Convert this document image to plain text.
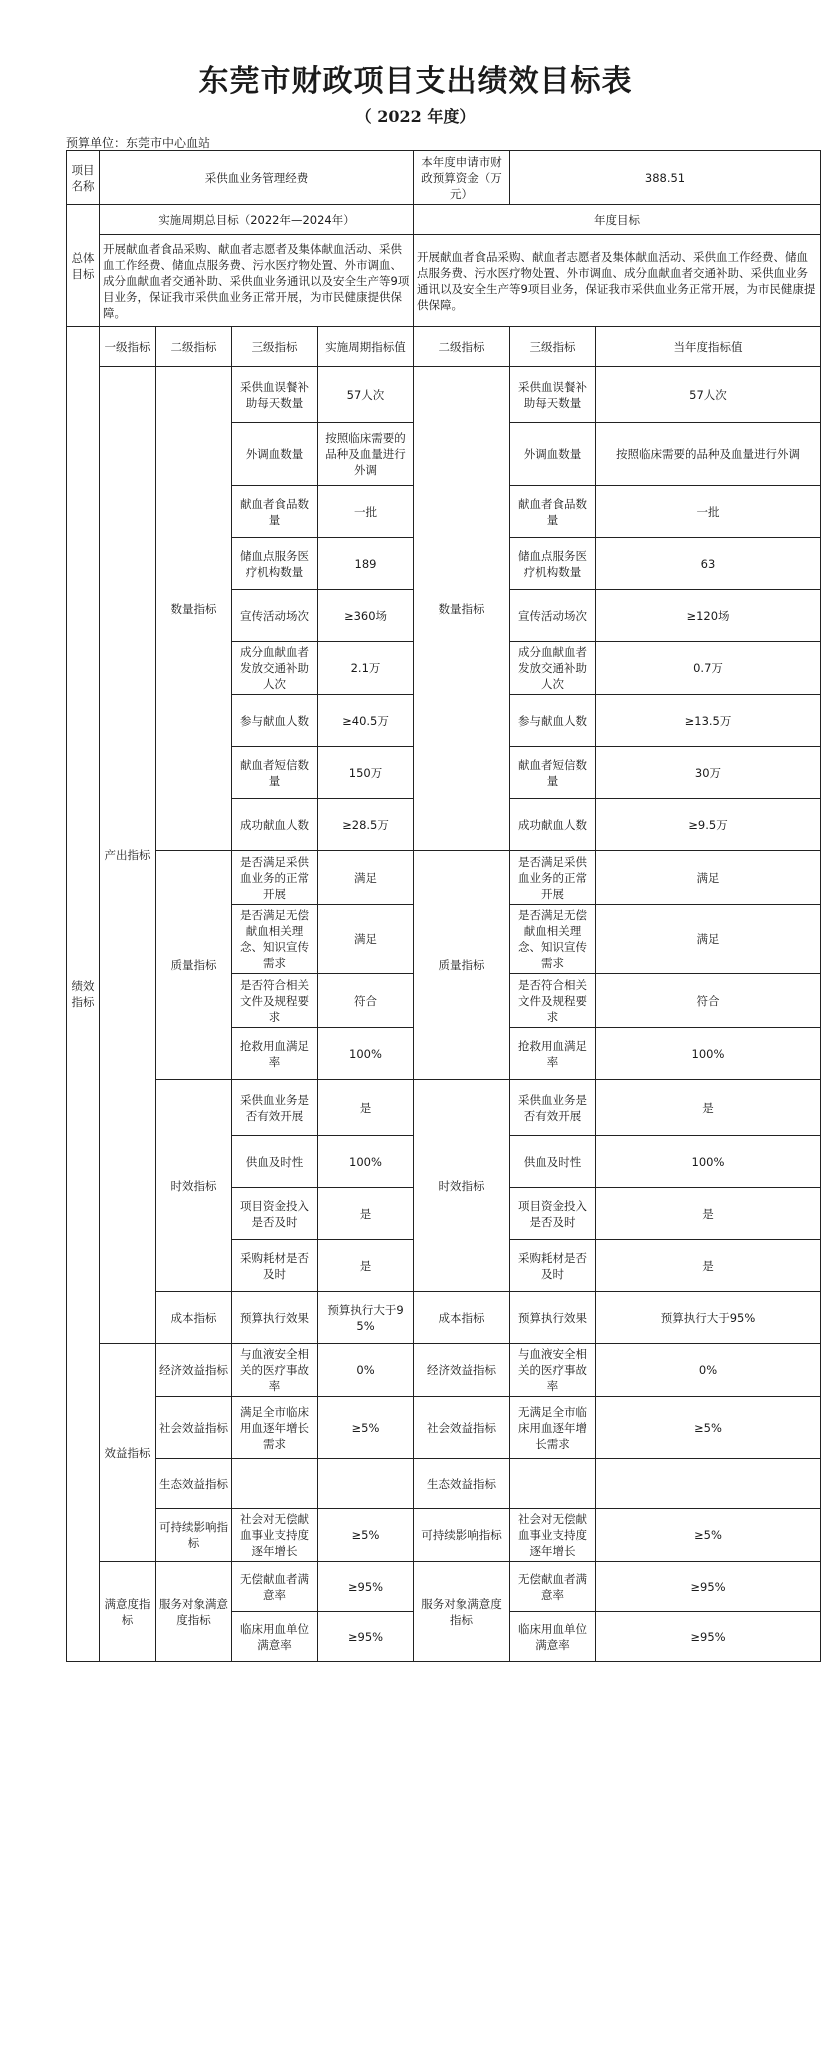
东莞市财政项目支出绩效目标表
（ 2022 年度）
预算单位：东莞市中心血站
项目名称	采供血业务管理经费				本年度申请市财政预算资金（万元）	388.51	
总体目标	实施周期总目标（2022年—2024年）				年度目标		
	开展献血者食品采购、献血者志愿者及集体献血活动、采供血工作经费、储血点服务费、污水医疗物处置、外市调血、成分血献血者交通补助、采供血业务通讯以及安全生产等9项目业务，保证我市采供血业务正常开展，为市民健康提供保障。				开展献血者食品采购、献血者志愿者及集体献血活动、采供血工作经费、储血点服务费、污水医疗物处置、外市调血、成分血献血者交通补助、采供血业务通讯以及安全生产等9项目业务，保证我市采供血业务正常开展，为市民健康提供保障。		
绩效指标	一级指标	二级指标	三级指标	实施周期指标值	二级指标	三级指标	当年度指标值
	产出指标	数量指标	采供血误餐补助每天数量	57人次	数量指标	采供血误餐补助每天数量	57人次
			外调血数量	按照临床需要的品种及血量进行外调		外调血数量	按照临床需要的品种及血量进行外调
			献血者食品数量	一批		献血者食品数量	一批
			储血点服务医疗机构数量	189		储血点服务医疗机构数量	63
			宣传活动场次	≥360场		宣传活动场次	≥120场
			成分血献血者发放交通补助人次	2.1万		成分血献血者发放交通补助人次	0.7万
			参与献血人数	≥40.5万		参与献血人数	≥13.5万
			献血者短信数量	150万		献血者短信数量	30万
			成功献血人数	≥28.5万		成功献血人数	≥9.5万
		质量指标	是否满足采供血业务的正常开展	满足	质量指标	是否满足采供血业务的正常开展	满足
			是否满足无偿献血相关理念、知识宣传需求	满足		是否满足无偿献血相关理念、知识宣传需求	满足
			是否符合相关文件及规程要求	符合		是否符合相关文件及规程要求	符合
			抢救用血满足率	100%		抢救用血满足率	100%
		时效指标	采供血业务是否有效开展	是	时效指标	采供血业务是否有效开展	是
			供血及时性	100%		供血及时性	100%
			项目资金投入是否及时	是		项目资金投入是否及时	是
			采购耗材是否及时	是		采购耗材是否及时	是
		成本指标	预算执行效果	预算执行大于95%	成本指标	预算执行效果	预算执行大于95%
	效益指标	经济效益指标	与血液安全相关的医疗事故率	0%	经济效益指标	与血液安全相关的医疗事故率	0%
		社会效益指标	满足全市临床用血逐年增长需求	≥5%	社会效益指标	无满足全市临床用血逐年增长需求	≥5%
		生态效益指标			生态效益指标		
		可持续影响指标	社会对无偿献血事业支持度逐年增长	≥5%	可持续影响指标	社会对无偿献血事业支持度逐年增长	≥5%
	满意度指标	服务对象满意度指标	无偿献血者满意率	≥95%	服务对象满意度指标	无偿献血者满意率	≥95%
			临床用血单位满意率	≥95%		临床用血单位满意率	≥95%
